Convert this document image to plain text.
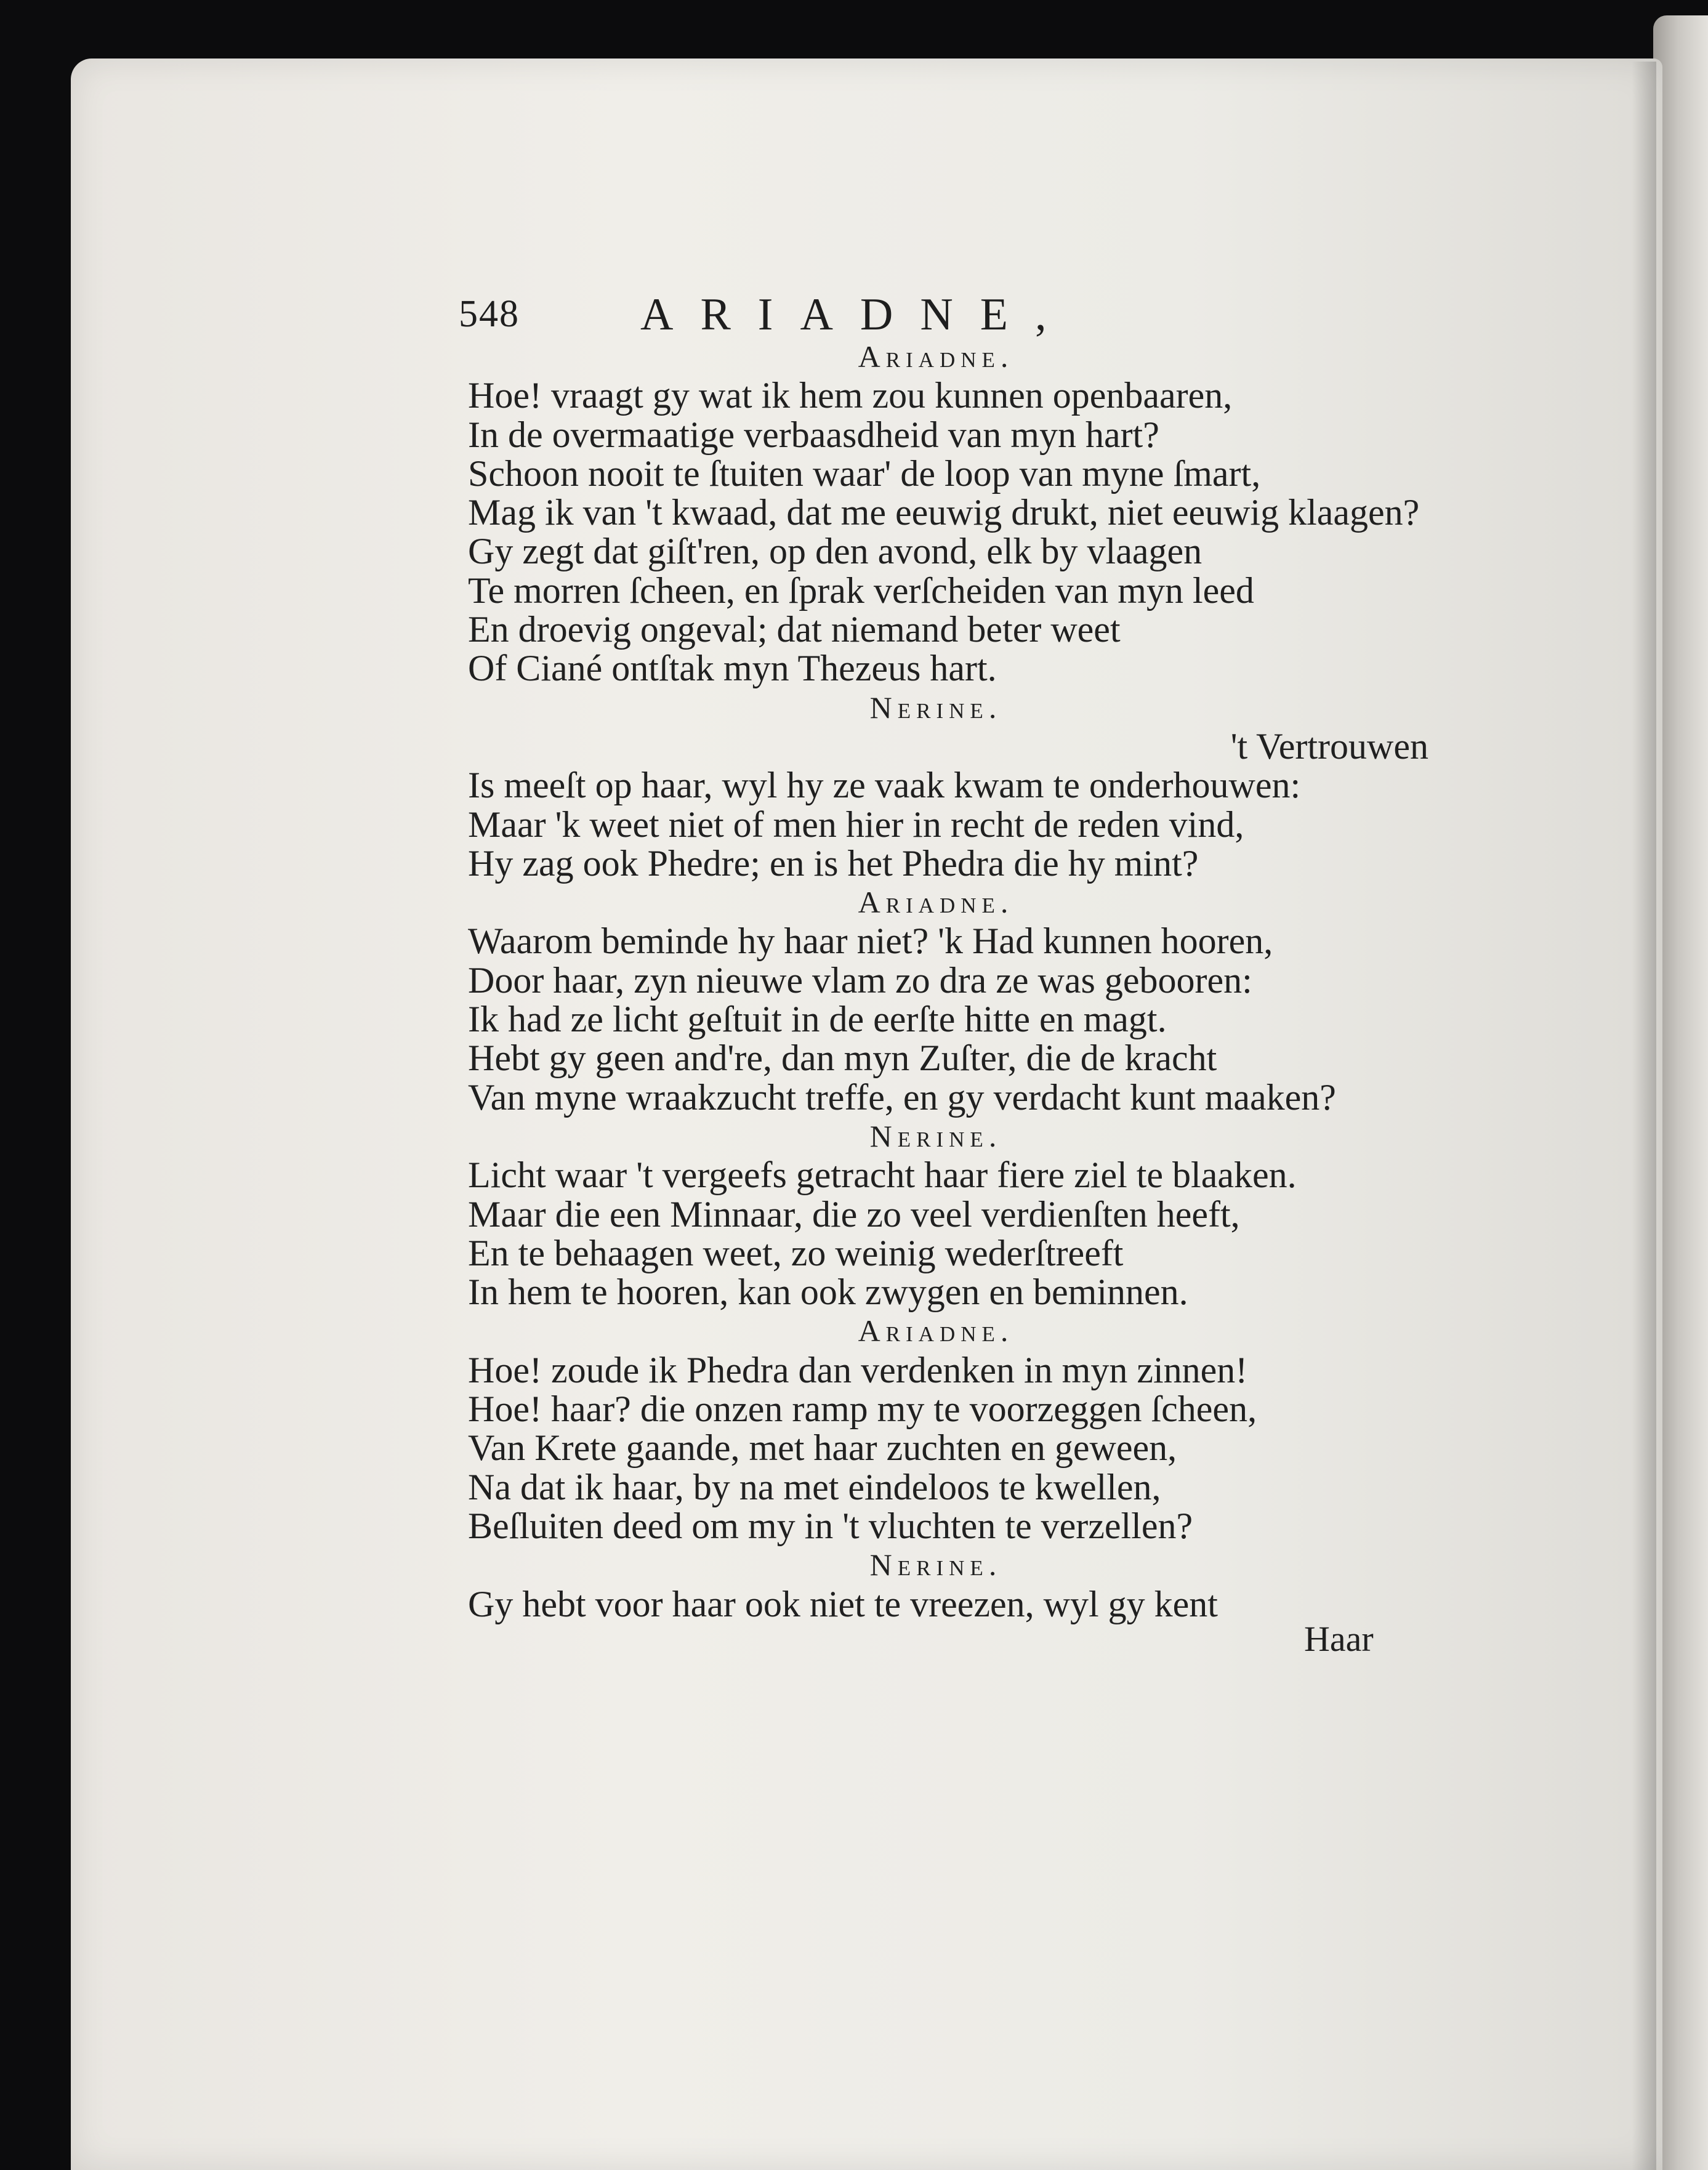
548	ARIADNE,
Ariadne.
Hoe! vraagt gy wat ik hem zou kunnen openbaaren,
In de overmaatige verbaasdheid van myn hart?
Schoon nooit te ſtuiten waar' de loop van myne ſmart,
Mag ik van 't kwaad, dat me eeuwig drukt, niet eeuwig klaagen?
Gy zegt dat giſt'ren, op den avond, elk by vlaagen
Te morren ſcheen, en ſprak verſcheiden van myn leed
En droevig ongeval; dat niemand beter weet
Of Ciané ontſtak myn Thezeus hart.
Nerine.
't Vertrouwen
Is meeſt op haar, wyl hy ze vaak kwam te onderhouwen:
Maar 'k weet niet of men hier in recht de reden vind,
Hy zag ook Phedre; en is het Phedra die hy mint?
Ariadne.
Waarom beminde hy haar niet? 'k Had kunnen hooren,
Door haar, zyn nieuwe vlam zo dra ze was gebooren:
Ik had ze licht geſtuit in de eerſte hitte en magt.
Hebt gy geen and're, dan myn Zuſter, die de kracht
Van myne wraakzucht treffe, en gy verdacht kunt maaken?
Nerine.
Licht waar 't vergeefs getracht haar fiere ziel te blaaken.
Maar die een Minnaar, die zo veel verdienſten heeft,
En te behaagen weet, zo weinig wederſtreeft
In hem te hooren, kan ook zwygen en beminnen.
Ariadne.
Hoe! zoude ik Phedra dan verdenken in myn zinnen!
Hoe! haar? die onzen ramp my te voorzeggen ſcheen,
Van Krete gaande, met haar zuchten en geween,
Na dat ik haar, by na met eindeloos te kwellen,
Beſluiten deed om my in 't vluchten te verzellen?
Nerine.
Gy hebt voor haar ook niet te vreezen, wyl gy kent
Haar
